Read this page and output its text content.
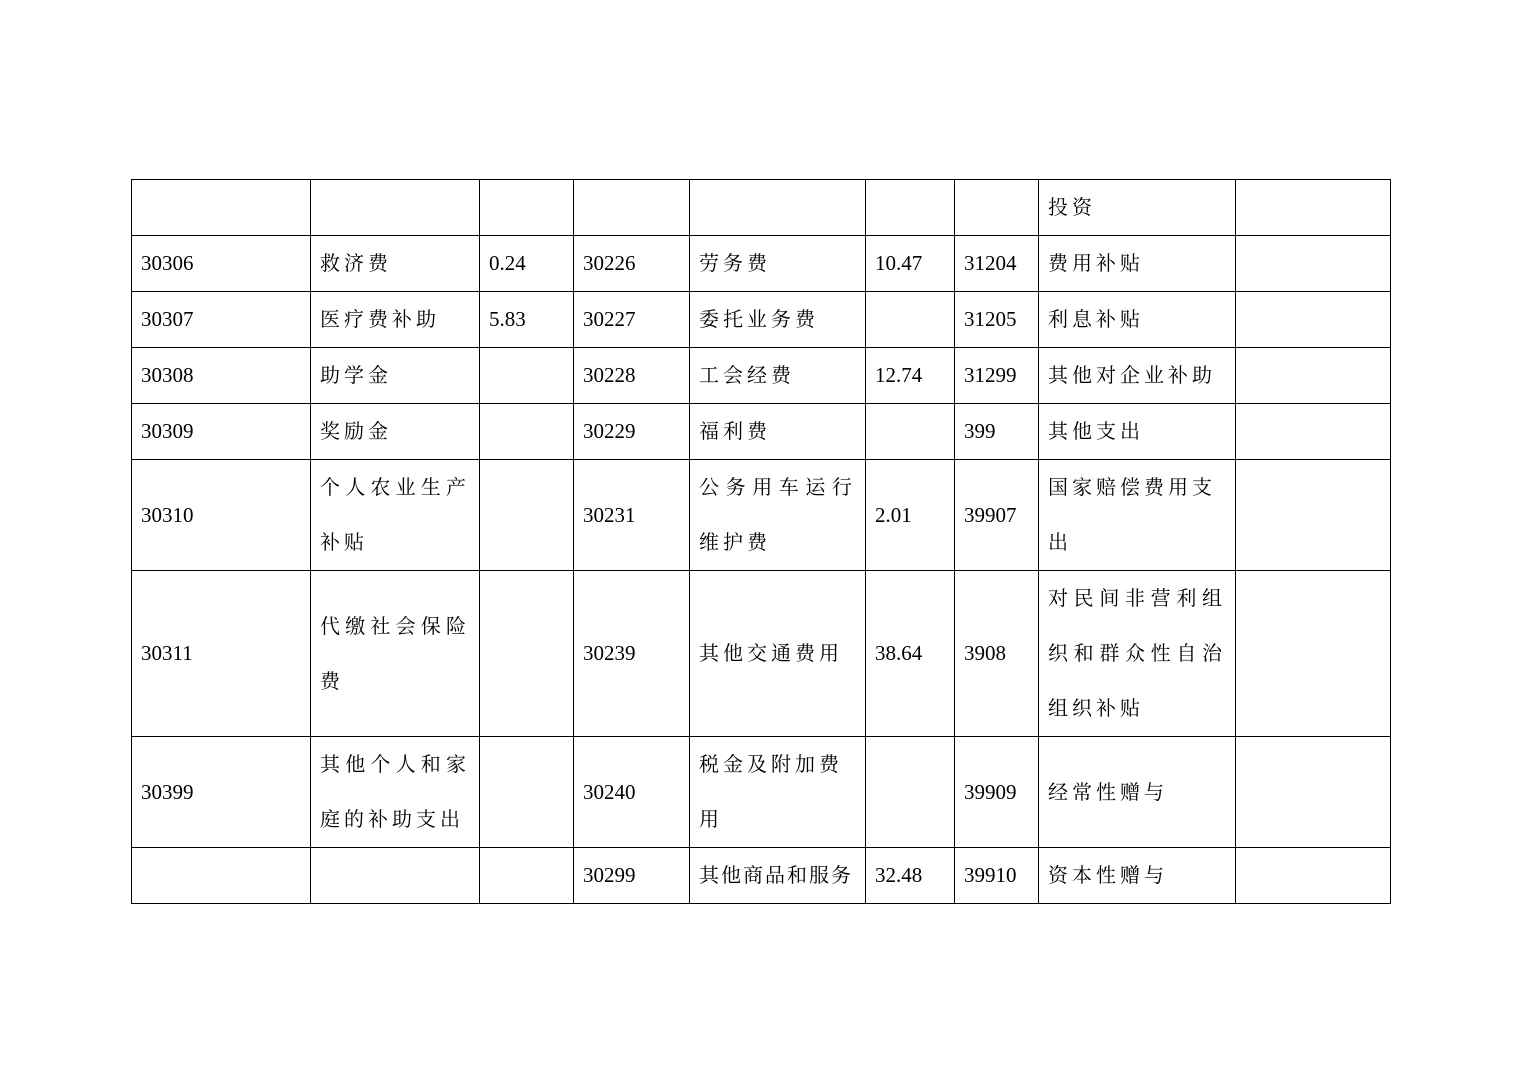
							投资	

30306	救济费	0.24	30226	劳务费	10.47	31204	费用补贴	

30307	医疗费补助	5.83	30227	委托业务费		31205	利息补贴	

30308	助学金		30228	工会经费	12.74	31299	其他对企业补助	

30309	奖励金		30229	福利费		399	其他支出	

30310	个人农业生产补贴		30231	公务用车运行维护费	2.01	39907	国家赔偿费用支出	

30311	代缴社会保险费		30239	其他交通费用	38.64	3908	对民间非营利组织和群众性自治组织补贴	

30399	其他个人和家庭的补助支出		30240	税金及附加费用		39909	经常性赠与	

			30299	其他商品和服务	32.48	39910	资本性赠与	
